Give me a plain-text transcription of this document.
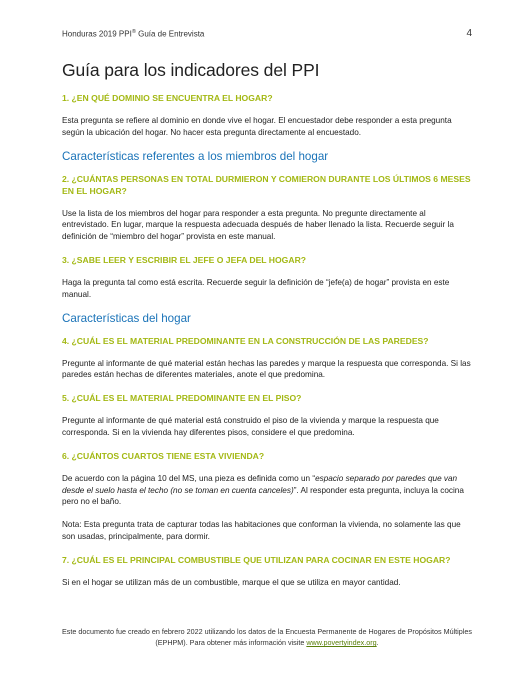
Honduras 2019 PPI® Guía de Entrevista	4
Guía para los indicadores del PPI
1. ¿EN QUÉ DOMINIO SE ENCUENTRA EL HOGAR?

Esta pregunta se refiere al dominio en donde vive el hogar. El encuestador debe responder a esta pregunta según la ubicación del hogar. No hacer esta pregunta directamente al encuestado.

Características referentes a los miembros del hogar
2. ¿CUÁNTAS PERSONAS EN TOTAL DURMIERON Y COMIERON DURANTE LOS ÚLTIMOS 6 MESES EN EL HOGAR?

Use la lista de los miembros del hogar para responder a esta pregunta. No pregunte directamente al entrevistado. En lugar, marque la respuesta adecuada después de haber llenado la lista. Recuerde seguir la definición de “miembro del hogar” provista en este manual.

3. ¿SABE LEER Y ESCRIBIR EL JEFE O JEFA DEL HOGAR?

Haga la pregunta tal como está escrita. Recuerde seguir la definición de “jefe(a) de hogar” provista en este manual.

Características del hogar
4. ¿CUÁL ES EL MATERIAL PREDOMINANTE EN LA CONSTRUCCIÓN DE LAS PAREDES?

Pregunte al informante de qué material están hechas las paredes y marque la respuesta que corresponda. Si las paredes están hechas de diferentes materiales, anote el que predomina.

5. ¿CUÁL ES EL MATERIAL PREDOMINANTE EN EL PISO?

Pregunte al informante de qué material está construido el piso de la vivienda y marque la respuesta que corresponda. Si en la vivienda hay diferentes pisos, considere el que predomina.

6. ¿CUÁNTOS CUARTOS TIENE ESTA VIVIENDA?

De acuerdo con la página 10 del MS, una pieza es definida como un “espacio separado por paredes que van desde el suelo hasta el techo (no se toman en cuenta canceles)”. Al responder esta pregunta, incluya la cocina pero no el baño.

Nota: Esta pregunta trata de capturar todas las habitaciones que conforman la vivienda, no solamente las que son usadas, principalmente, para dormir.

7. ¿CUÁL ES EL PRINCIPAL COMBUSTIBLE QUE UTILIZAN PARA COCINAR EN ESTE HOGAR?

Si en el hogar se utilizan más de un combustible, marque el que se utiliza en mayor cantidad.

Este documento fue creado en febrero 2022 utilizando los datos de la Encuesta Permanente de Hogares de Propósitos Múltiples
(EPHPM). Para obtener más información visite www.povertyindex.org.
